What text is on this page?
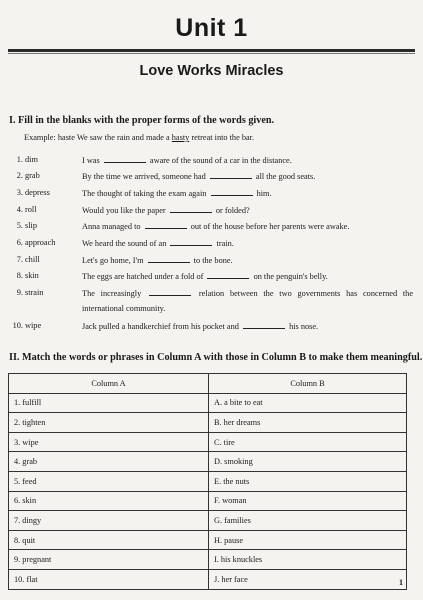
Unit 1
Love Works Miracles
I. Fill in the blanks with the proper forms of the words given.
Example: haste We saw the rain and made a hasty retreat into the bar.
1. dim	I was	aware of the sound of a car in the distance.
2. grab	By the time we arrived, someone had	all the good seats.
3. depress	The thought of taking the exam again	him.
4. roll	Would you like the paper	or folded?
5. slip	Anna managed to	out of the house before her parents were awake.
6. approach	We heard the sound of an	train.
7. chill	Let's go home, I'm	to the bone.
8. skin	The eggs are hatched under a fold of	on the penguin's belly.
9. strain	The increasingly	relation between the two governments has concerned the
international community.
10. wipe	Jack pulled a handkerchief from his pocket and	his nose.
II. Match the words or phrases in Column A with those in Column B to make them meaningful.
Column A	Column B
1. fulfill	A. a bite to eat
2. tighten	B. her dreams
3. wipe	C. tire
4. grab	D. smoking
5. feed	E. the nuts
6. skin	F. woman
7. dingy	G. families
8. quit	H. pause
9. pregnant	I. his knuckles
10. flat	J. her face	1
